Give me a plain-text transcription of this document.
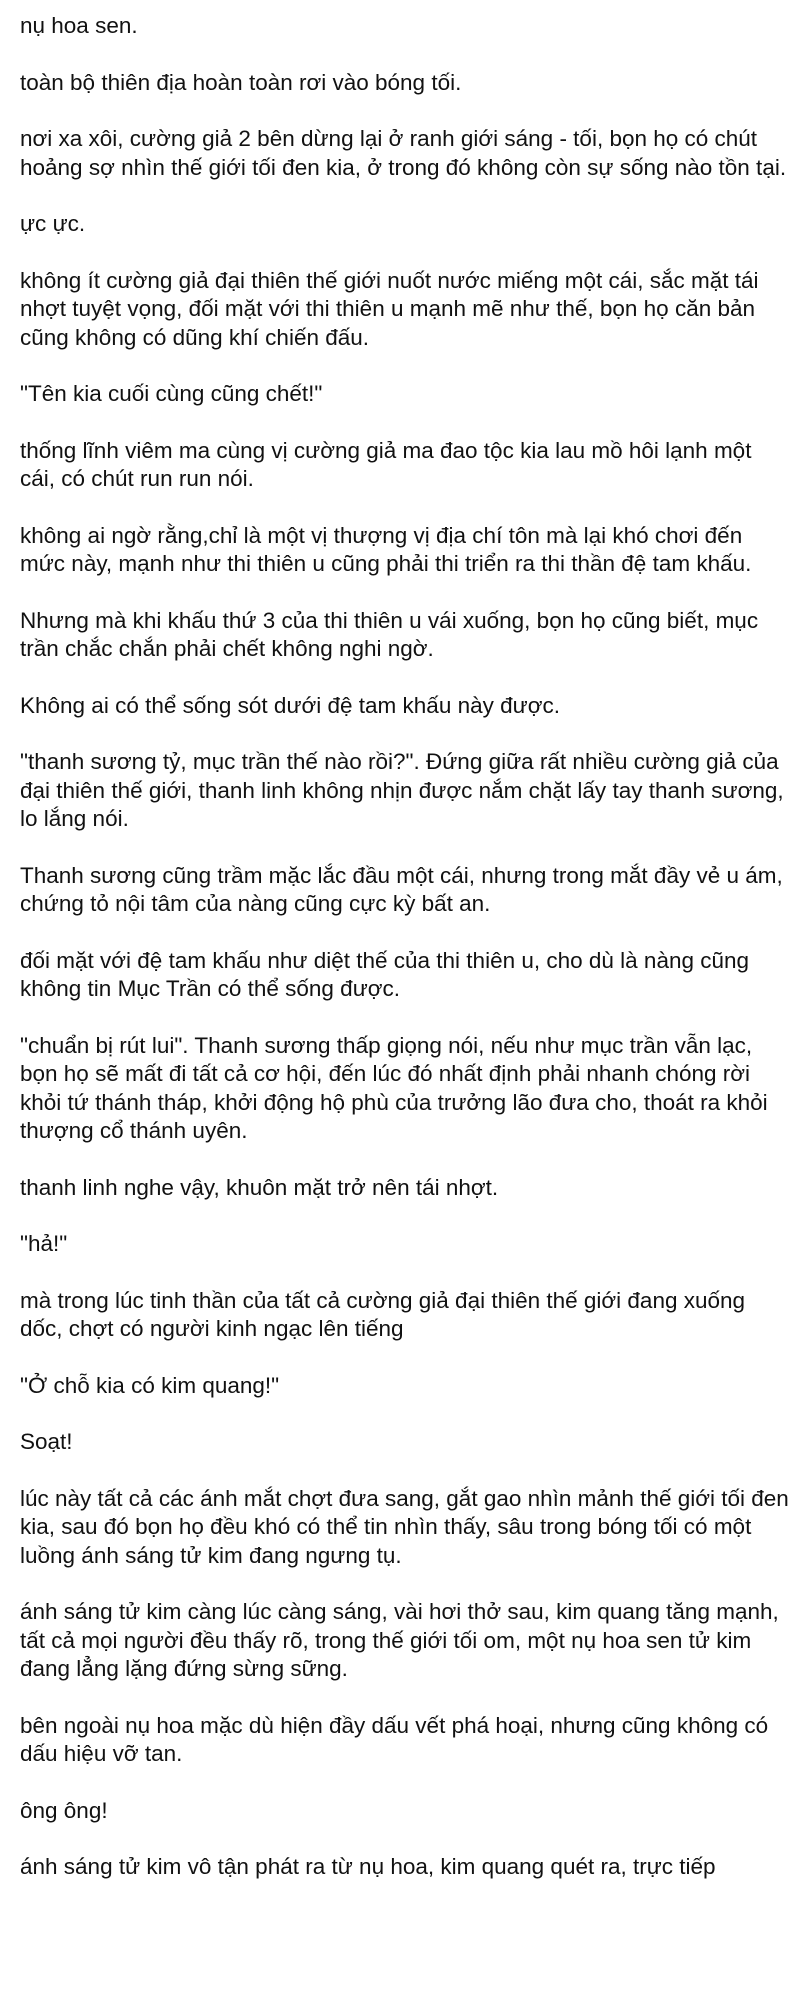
nụ hoa sen.

toàn bộ thiên địa hoàn toàn rơi vào bóng tối.

nơi xa xôi, cường giả 2 bên dừng lại ở ranh giới sáng - tối, bọn họ có chút hoảng sợ nhìn thế giới tối đen kia, ở trong đó không còn sự sống nào tồn tại.

ực ực.

không ít cường giả đại thiên thế giới nuốt nước miếng một cái, sắc mặt tái nhợt tuyệt vọng, đối mặt với thi thiên u mạnh mẽ như thế, bọn họ căn bản cũng không có dũng khí chiến đấu.

"Tên kia cuối cùng cũng chết!"

thống lĩnh viêm ma cùng vị cường giả ma đao tộc kia lau mồ hôi lạnh một cái, có chút run run nói.

không ai ngờ rằng,chỉ là một vị thượng vị địa chí tôn mà lại khó chơi đến mức này, mạnh như thi thiên u cũng phải thi triển ra thi thần đệ tam khấu.

Nhưng mà khi khấu thứ 3 của thi thiên u vái xuống, bọn họ cũng biết, mục trần chắc chắn phải chết không nghi ngờ.

Không ai có thể sống sót dưới đệ tam khấu này được.

"thanh sương tỷ, mục trần thế nào rồi?". Đứng giữa rất nhiều cường giả của đại thiên thế giới, thanh linh không nhịn được nắm chặt lấy tay thanh sương, lo lắng nói.

Thanh sương cũng trầm mặc lắc đầu một cái, nhưng trong mắt đầy vẻ u ám, chứng tỏ nội tâm của nàng cũng cực kỳ bất an.

đối mặt với đệ tam khấu như diệt thế của thi thiên u, cho dù là nàng cũng không tin Mục Trần có thể sống được.

"chuẩn bị rút lui". Thanh sương thấp giọng nói, nếu như mục trần vẫn lạc, bọn họ sẽ mất đi tất cả cơ hội, đến lúc đó nhất định phải nhanh chóng rời khỏi tứ thánh tháp, khởi động hộ phù của trưởng lão đưa cho, thoát ra khỏi thượng cổ thánh uyên.

thanh linh nghe vậy, khuôn mặt trở nên tái nhợt.

"hả!"

mà trong lúc tinh thần của tất cả cường giả đại thiên thế giới đang xuống dốc, chợt có người kinh ngạc lên tiếng

"Ở chỗ kia có kim quang!"

Soạt!

lúc này tất cả các ánh mắt chợt đưa sang, gắt gao nhìn mảnh thế giới tối đen kia, sau đó bọn họ đều khó có thể tin nhìn thấy, sâu trong bóng tối có một luồng ánh sáng tử kim đang ngưng tụ.

ánh sáng tử kim càng lúc càng sáng, vài hơi thở sau, kim quang tăng mạnh, tất cả mọi người đều thấy rõ, trong thế giới tối om, một nụ hoa sen tử kim đang lẳng lặng đứng sừng sững.

bên ngoài nụ hoa mặc dù hiện đầy dấu vết phá hoại, nhưng cũng không có dấu hiệu vỡ tan.

ông ông!

ánh sáng tử kim vô tận phát ra từ nụ hoa, kim quang quét ra, trực tiếp
